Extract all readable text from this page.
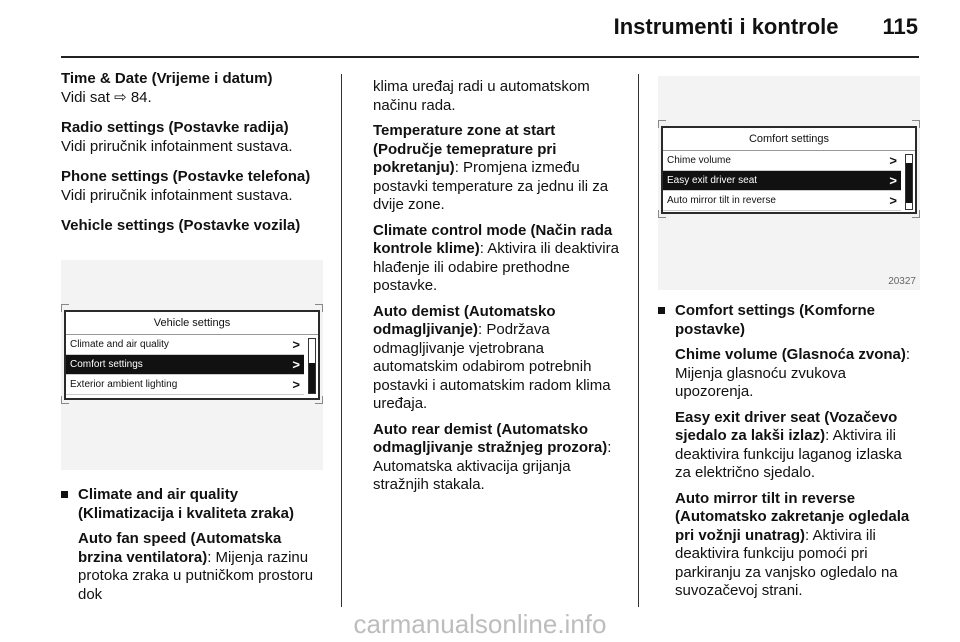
Instrumenti i kontrole 115
Time & Date (Vrijeme i datum)
Vidi sat ⇨ 84.
Radio settings (Postavke radija)
Vidi priručnik infotainment sustava.
Phone settings (Postavke telefona)
Vidi priručnik infotainment sustava.
Vehicle settings (Postavke vozila)
Vehicle settings
Climate and air quality	>
Comfort settings	>
Exterior ambient lighting	>
Climate and air quality
(Klimatizacija i kvaliteta zraka)
Auto fan speed (Automatska brzina ventilatora): Mijenja razinu protoka zraka u putničkom prostoru dok
klima uređaj radi u automatskom načinu rada.
Temperature zone at start (Područje temeprature pri pokretanju): Promjena između postavki temperature za jednu ili za dvije zone.
Climate control mode (Način rada kontrole klime): Aktivira ili deaktivira hlađenje ili odabire prethodne postavke.
Auto demist (Automatsko odmagljivanje): Podržava odmagljivanje vjetrobrana automatskim odabirom potrebnih postavki i automatskim radom klima uređaja.
Auto rear demist (Automatsko odmagljivanje stražnjeg prozora): Automatska aktivacija grijanja stražnjih stakala.
Comfort settings
Chime volume	>
Easy exit driver seat	>
Auto mirror tilt in reverse	>
20327
Comfort settings (Komforne postavke)
Chime volume (Glasnoća zvona): Mijenja glasnoću zvukova upozorenja.
Easy exit driver seat (Vozačevo sjedalo za lakši izlaz): Aktivira ili deaktivira funkciju laganog izlaska za električno sjedalo.
Auto mirror tilt in reverse (Automatsko zakretanje ogledala pri vožnji unatrag): Aktivira ili deaktivira funkciju pomoći pri parkiranju za vanjsko ogledalo na suvozačevoj strani.
carmanualsonline.info
